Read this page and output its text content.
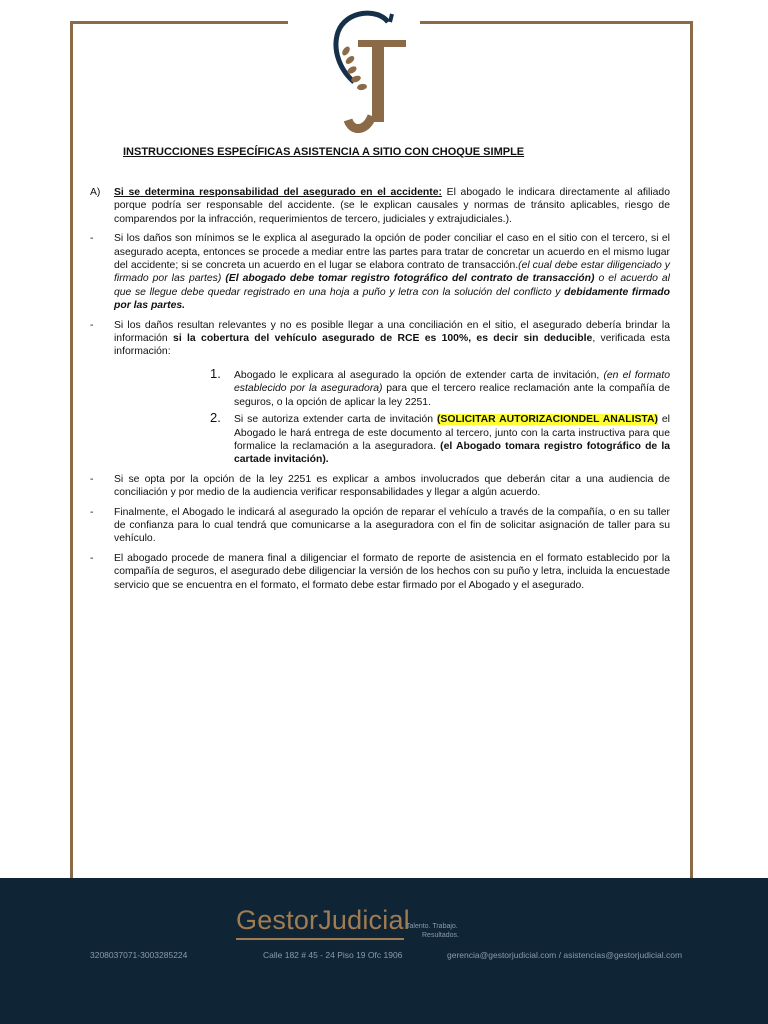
INSTRUCCIONES ESPECÍFICAS ASISTENCIA A SITIO CON CHOQUE SIMPLE
A) Si se determina responsabilidad del asegurado en el accidente: El abogado le indicara directamente al afiliado porque podría ser responsable del accidente. (se le explican causales y normas de tránsito aplicables, riesgo de comparendos por la infracción, requerimientos de tercero, judiciales y extrajudiciales.).
- Si los daños son mínimos se le explica al asegurado la opción de poder conciliar el caso en el sitio con el tercero, si el asegurado acepta, entonces se procede a mediar entre las partes para tratar de concretar un acuerdo en el mismo lugar del accidente; si se concreta un acuerdo en el lugar se elabora contrato de transacción.(el cual debe estar diligenciado y firmado por las partes) (El abogado debe tomar registro fotográfico del contrato de transacción) o el acuerdo al que se llegue debe quedar registrado en una hoja a puño y letra con la solución del conflicto y debidamente firmado por las partes.
- Si los daños resultan relevantes y no es posible llegar a una conciliación en el sitio, el asegurado debería brindar la información si la cobertura del vehículo asegurado de RCE es 100%, es decir sin deducible, verificada esta información:
1. Abogado le explicara al asegurado la opción de extender carta de invitación, (en el formato establecido por la aseguradora) para que el tercero realice reclamación ante la compañía de seguros, o la opción de aplicar la ley 2251.
2. Si se autoriza extender carta de invitación (SOLICITAR AUTORIZACIONDEL ANALISTA) el Abogado le hará entrega de este documento al tercero, junto con la carta instructiva para que formalice la reclamación a la aseguradora. (el Abogado tomara registro fotográfico de la cartade invitación).
- Si se opta por la opción de la ley 2251 es explicar a ambos involucrados que deberán citar a una audiencia de conciliación y por medio de la audiencia verificar responsabilidades y llegar a algún acuerdo.
- Finalmente, el Abogado le indicará al asegurado la opción de reparar el vehículo a través de la compañía, o en su taller de confianza para lo cual tendrá que comunicarse a la aseguradora con el fin de solicitar asignación de taller para su vehículo.
- El abogado procede de manera final a diligenciar el formato de reporte de asistencia en el formato establecido por la compañía de seguros, el asegurado debe diligenciar la versión de los hechos con su puño y letra, incluida la encuestade servicio que se encuentra en el formato, el formato debe estar firmado por el Abogado y el asegurado.
GestorJudicial
Talento. Trabajo.
Resultados.
3208037071-3003285224	Calle 182 # 45 - 24 Piso 19 Ofc 1906	gerencia@gestorjudicial.com / asistencias@gestorjudicial.com
